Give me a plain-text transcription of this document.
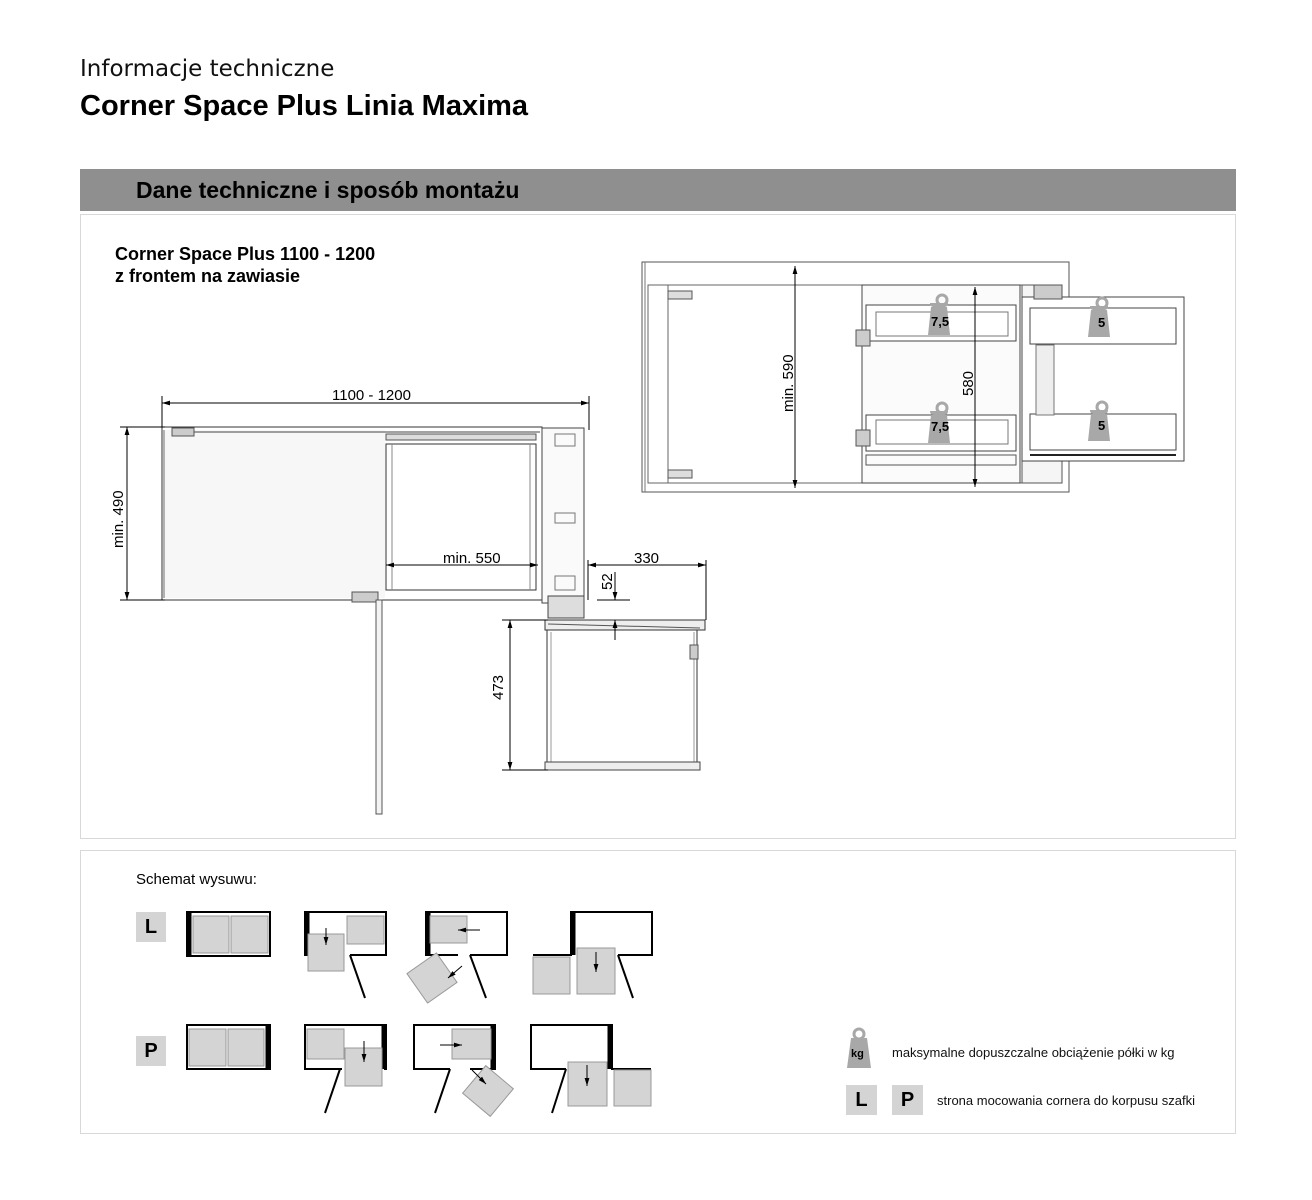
Informacje techniczne
Corner Space Plus Linia Maxima
Dane techniczne i sposób montażu
Corner Space Plus 1100 - 1200
z frontem na zawiasie
1100 - 1200
min. 490
min. 550	330
52
473
7,5
7,5
5
5
min. 590	580
kg
Schemat wysuwu:
L
P	maksymalne dopuszczalne obciążenie półki w kg
L	P	strona mocowania cornera do korpusu szafki
